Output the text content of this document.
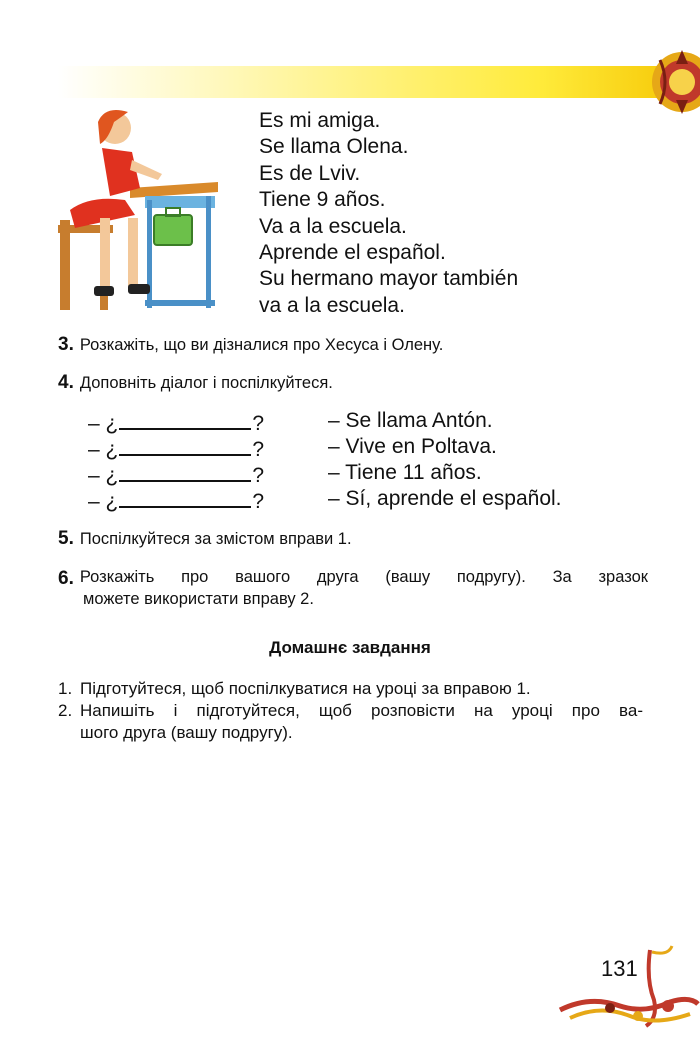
Es mi amiga.
Se llama Olena.
Es de Lviv.
Tiene 9 años.
Va a la escuela.
Aprende el español.
Su hermano mayor también
va a la escuela.
3. Розкажіть, що ви дізналися про Хесуса і Олену.
4. Доповніть діалог і поспілкуйтеся.
– ¿	?	– Se llama Antón.
– ¿	?	– Vive en Poltava.
– ¿	?	– Tiene 11 años.
– ¿	?	– Sí, aprende el español.
5. Поспілкуйтеся за змістом вправи 1.
6. Розкажіть про вашого друга (вашу подругу). За зразок
можете використати вправу 2.
Домашнє завдання
1. Підготуйтеся, щоб поспілкуватися на уроці за вправою 1.
2. Напишіть і підготуйтеся, щоб розповісти на уроці про ва-
шого друга (вашу подругу).
131
